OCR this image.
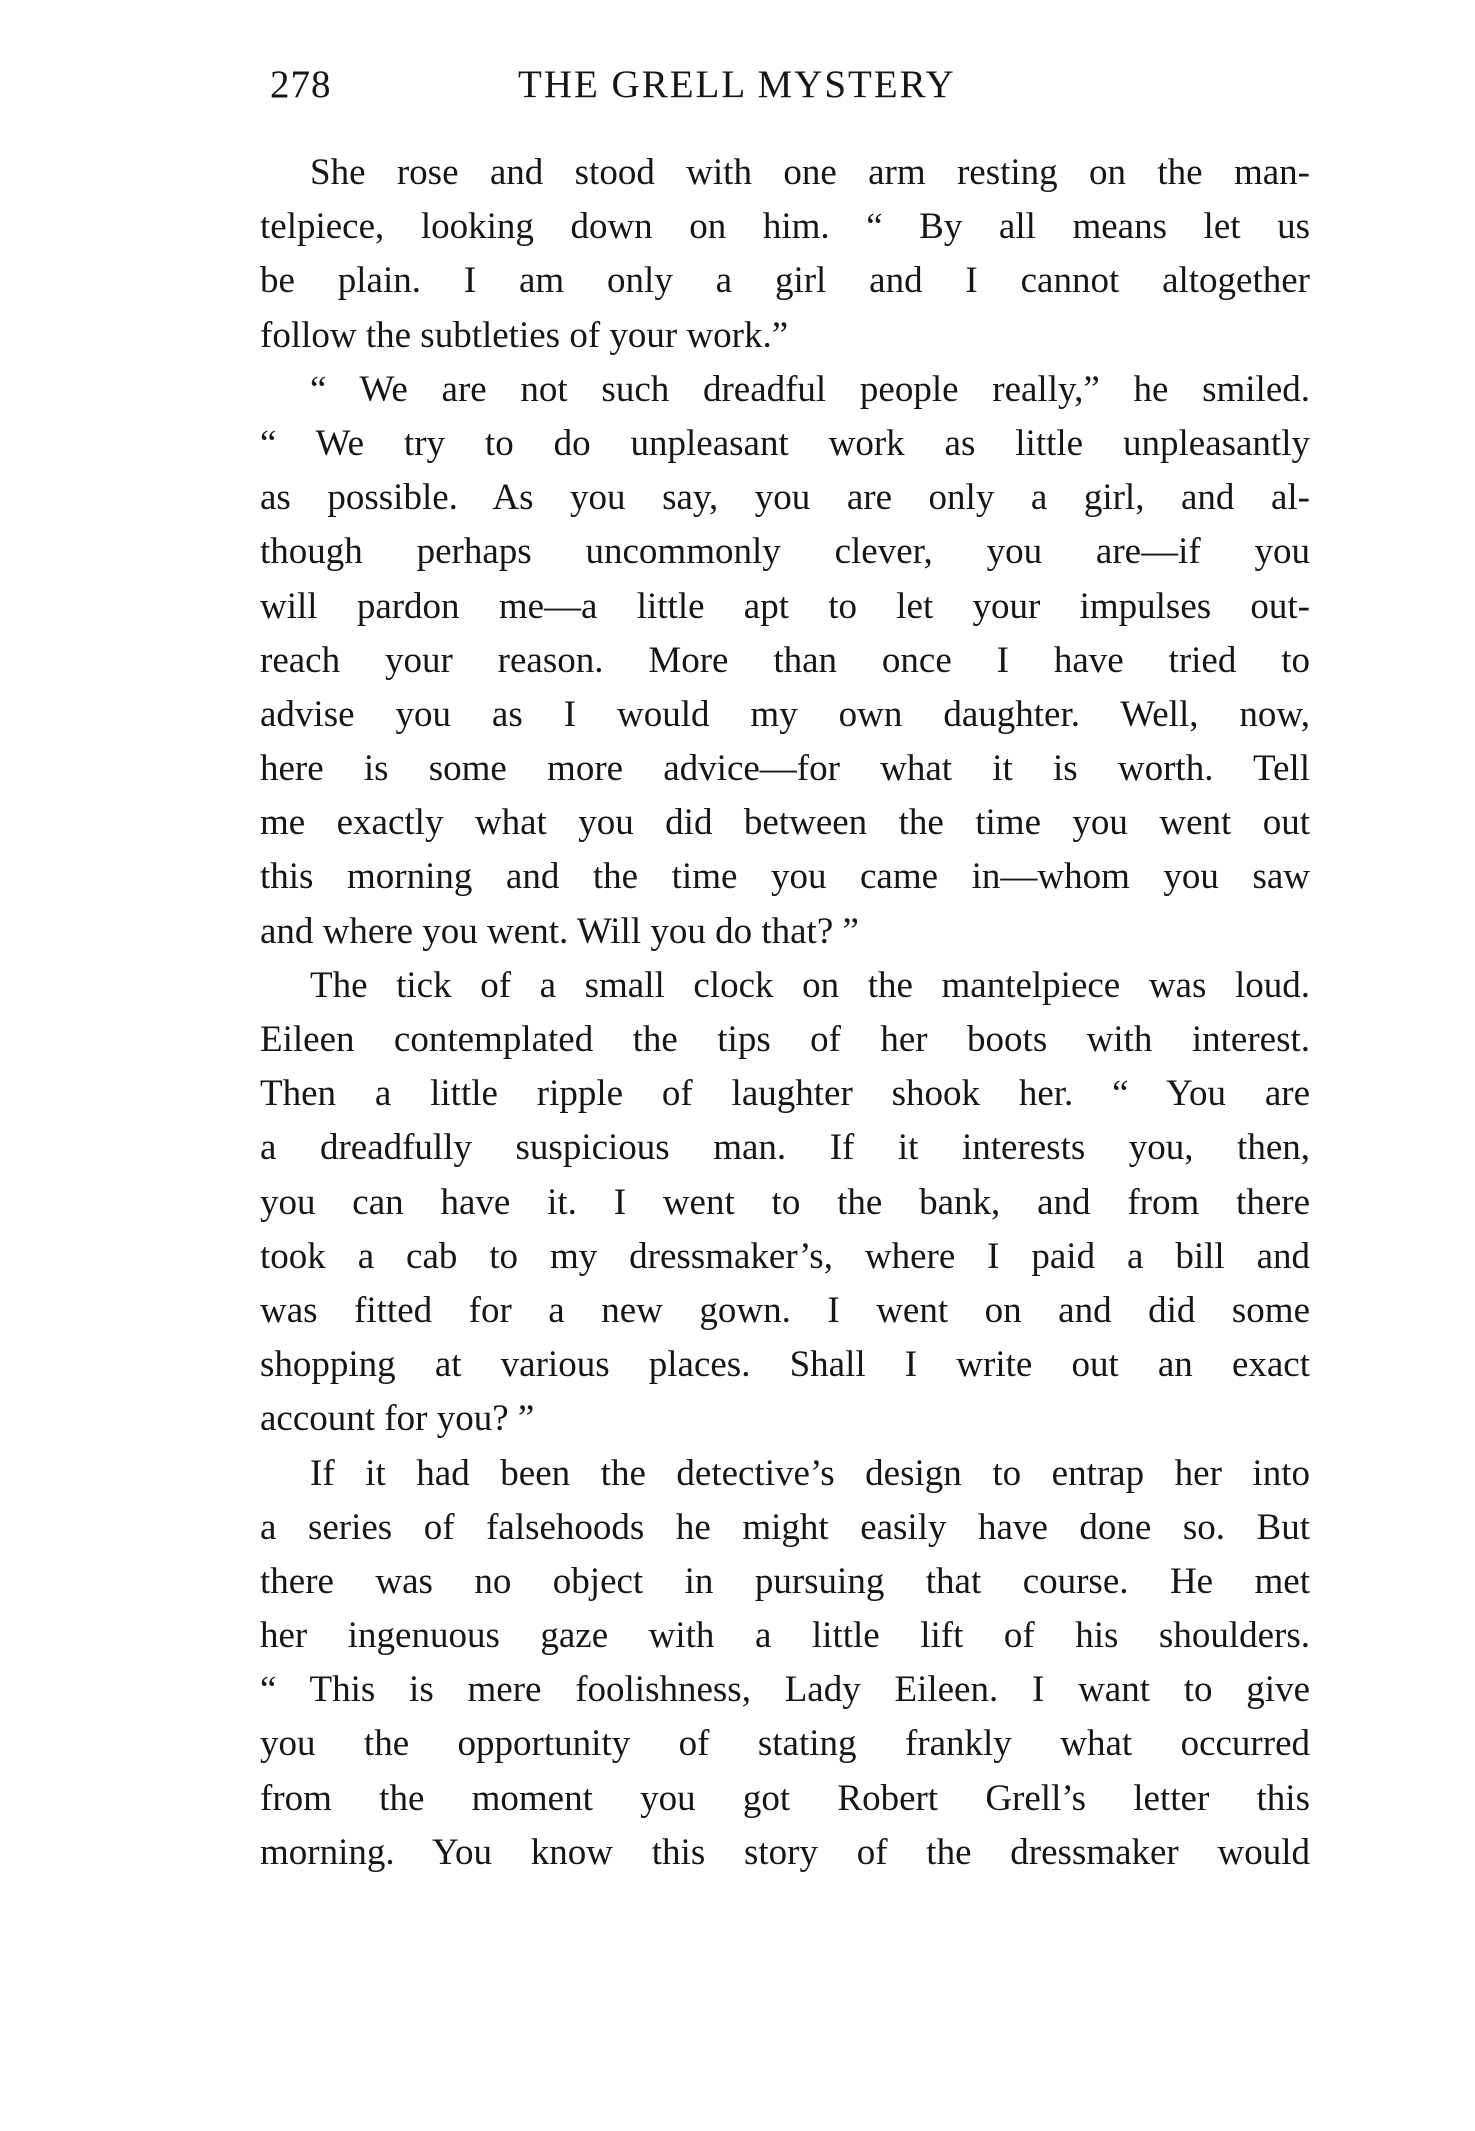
278	THE GRELL MYSTERY
She rose and stood with one arm resting on the man-
telpiece, looking down on him. “ By all means let us
be plain. I am only a girl and I cannot altogether
follow the subtleties of your work.”
“ We are not such dreadful people really,” he smiled.
“ We try to do unpleasant work as little unpleasantly
as possible. As you say, you are only a girl, and al-
though perhaps uncommonly clever, you are—if you
will pardon me—a little apt to let your impulses out-
reach your reason. More than once I have tried to
advise you as I would my own daughter. Well, now,
here is some more advice—for what it is worth. Tell
me exactly what you did between the time you went out
this morning and the time you came in—whom you saw
and where you went. Will you do that? ”
The tick of a small clock on the mantelpiece was loud.
Eileen contemplated the tips of her boots with interest.
Then a little ripple of laughter shook her. “ You are
a dreadfully suspicious man. If it interests you, then,
you can have it. I went to the bank, and from there
took a cab to my dressmaker’s, where I paid a bill and
was fitted for a new gown. I went on and did some
shopping at various places. Shall I write out an exact
account for you? ”
If it had been the detective’s design to entrap her into
a series of falsehoods he might easily have done so. But
there was no object in pursuing that course. He met
her ingenuous gaze with a little lift of his shoulders.
“ This is mere foolishness, Lady Eileen. I want to give
you the opportunity of stating frankly what occurred
from the moment you got Robert Grell’s letter this
morning. You know this story of the dressmaker would
